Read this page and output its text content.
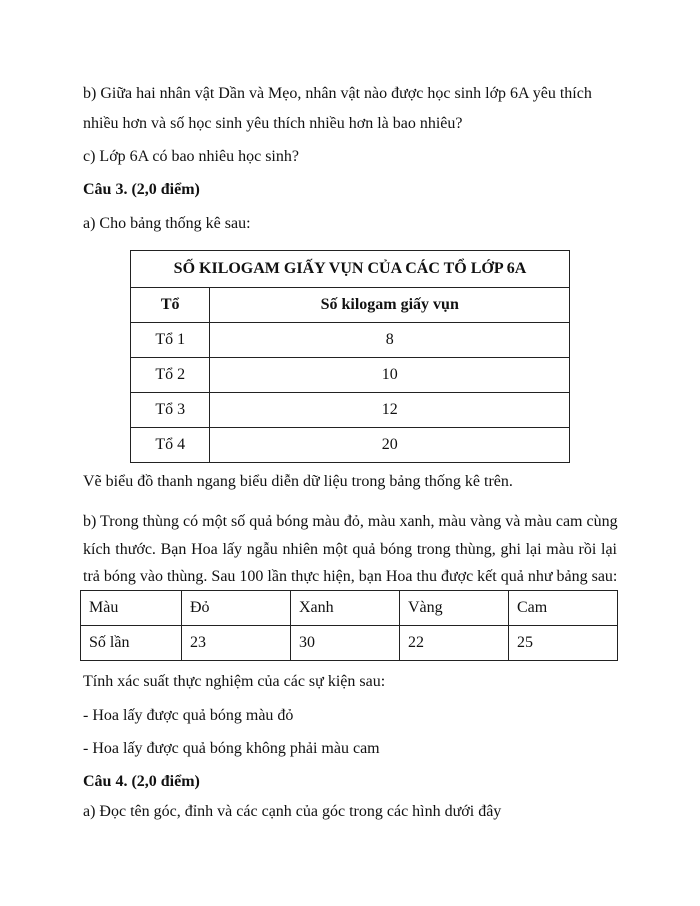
b) Giữa hai nhân vật Dần và Mẹo, nhân vật nào được học sinh lớp 6A yêu thích
nhiều hơn và số học sinh yêu thích nhiều hơn là bao nhiêu?
c) Lớp 6A có bao nhiêu học sinh?
Câu 3. (2,0 điểm)
a) Cho bảng thống kê sau:
SỐ KILOGAM GIẤY VỤN CỦA CÁC TỔ LỚP 6A	
Tổ	Số kilogam giấy vụn
Tổ 1	8
Tổ 2	10
Tổ 3	12
Tổ 4	20
Vẽ biểu đồ thanh ngang biểu diễn dữ liệu trong bảng thống kê trên.
b) Trong thùng có một số quả bóng màu đỏ, màu xanh, màu vàng và màu cam cùng
kích thước. Bạn Hoa lấy ngẫu nhiên một quả bóng trong thùng, ghi lại màu rồi lại
trả bóng vào thùng. Sau 100 lần thực hiện, bạn Hoa thu được kết quả như bảng sau:
Màu	Đỏ	Xanh	Vàng	Cam
Số lần	23	30	22	25
Tính xác suất thực nghiệm của các sự kiện sau:
- Hoa lấy được quả bóng màu đỏ
- Hoa lấy được quả bóng không phải màu cam
Câu 4. (2,0 điểm)
a) Đọc tên góc, đỉnh và các cạnh của góc trong các hình dưới đây
